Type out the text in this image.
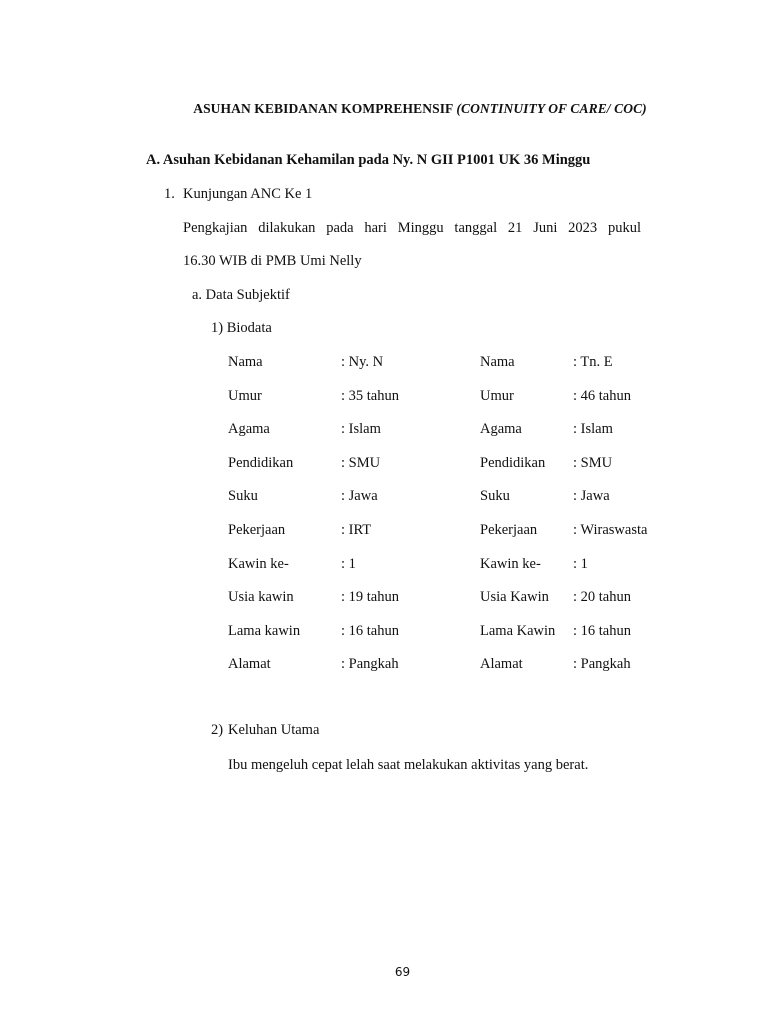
ASUHAN KEBIDANAN KOMPREHENSIF (CONTINUITY OF CARE/ COC)
A. Asuhan Kebidanan Kehamilan pada Ny. N GII P1001 UK 36 Minggu
1. Kunjungan ANC Ke 1
Pengkajian dilakukan pada hari Minggu tanggal 21 Juni 2023 pukul
16.30 WIB di PMB Umi Nelly
a. Data Subjektif
1) Biodata
Nama	: Ny. N	Nama	: Tn. E
Umur	: 35 tahun	Umur	: 46 tahun
Agama	: Islam	Agama	: Islam
Pendidikan	: SMU	Pendidikan : SMU
Suku	: Jawa	Suku	: Jawa
Pekerjaan	: IRT	Pekerjaan : Wiraswasta
Kawin ke-	: 1	Kawin ke- : 1
Usia kawin	: 19 tahun	Usia Kawin : 20 tahun
Lama kawin	: 16 tahun	Lama Kawin : 16 tahun
Alamat	: Pangkah	Alamat	: Pangkah
2) Keluhan Utama
Ibu mengeluh cepat lelah saat melakukan aktivitas yang berat.
69
